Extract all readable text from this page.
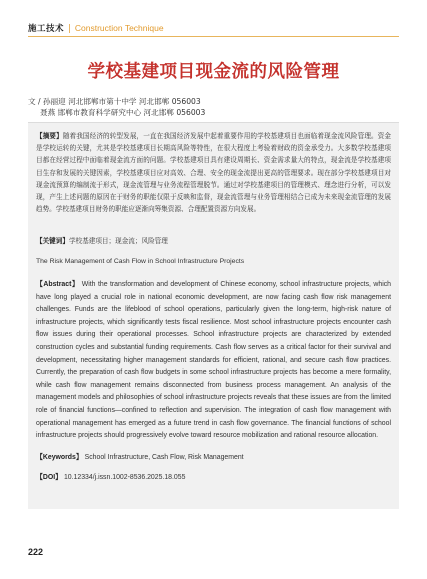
施工技术 | Construction Technique
学校基建项目现金流的风险管理
文 / 孙丽迎 河北邯郸市第十中学 河北邯郸 056003
聂燕 邯郸市教育科学研究中心 河北邯郸 056003
【摘要】随着我国经济的转型发展，一直在我国经济发展中起着重要作用的学校基建项目也面临着现金流风险管理。资金是学校运转的关键，尤其是学校基建项目长期高风险等特性，在很大程度上考验着财政的资金承受力。大多数学校基建项目都在经营过程中面临着现金流方面的问题。学校基建项目具有建设周期长、资金需求量大的特点，现金流是学校基建项目生存和发展的关键因素，学校基建项目应对高效、合理、安全的现金流提出更高的管理要求。现在部分学校基建项目对现金流预算的编制流于形式，现金流管理与业务流程管理脱节。通过对学校基建项目的管理模式、理念进行分析，可以发现，产生上述问题的原因在于财务的职能仅限于反映和监督，现金流管理与业务管理相结合已成为未来现金流管理的发展趋势。学校基建项目财务的职能应逐渐向筹集资源、合理配置资源方向发展。
【关键词】学校基建项目；现金流；风险管理
The Risk Management of Cash Flow in School Infrastructure Projects
【Abstract】 With the transformation and development of Chinese economy, school infrastructure projects, which have long played a crucial role in national economic development, are now facing cash flow risk management challenges. Funds are the lifeblood of school operations, particularly given the long-term, high-risk nature of infrastructure projects, which significantly tests fiscal resilience. Most school infrastructure projects encounter cash flow issues during their operational processes. School infrastructure projects are characterized by extended construction cycles and substantial funding requirements. Cash flow serves as a critical factor for their survival and development, necessitating higher management standards for efficient, rational, and secure cash flow practices. Currently, the preparation of cash flow budgets in some school infrastructure projects has become a mere formality, while cash flow management remains disconnected from business process management. An analysis of the management models and philosophies of school infrastructure projects reveals that these issues are from the limited role of financial functions—confined to reflection and supervision. The integration of cash flow management with operational management has emerged as a future trend in cash flow governance. The financial functions of school infrastructure projects should progressively evolve toward resource mobilization and rational resource allocation.
【Keywords】 School Infrastructure, Cash Flow, Risk Management
【DOI】 10.12334/j.issn.1002-8536.2025.18.055
222
